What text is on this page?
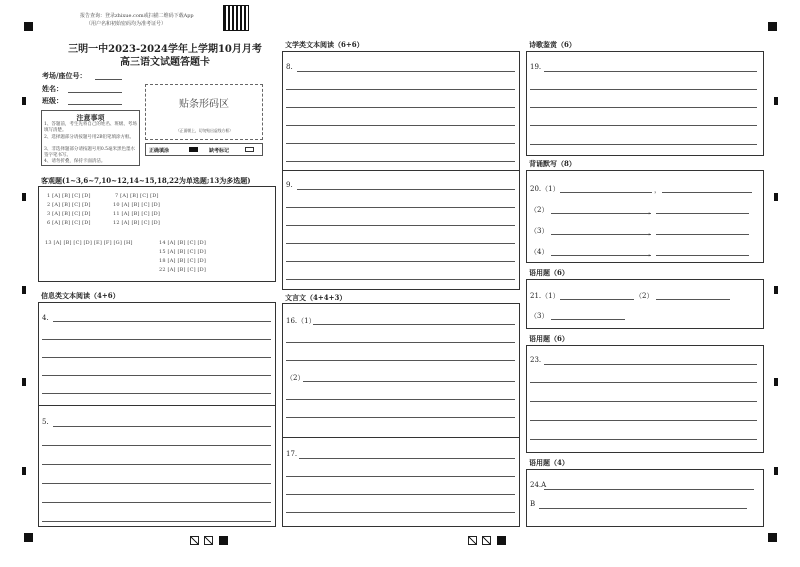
报告查询：登录zhixue.com或扫描二维码下载App
（用户名和初始密码均为准考证号）
三明一中2023-2024学年上学期10月月考
高三语文试题答题卡
考场/座位号：
姓名：
班级：
注意事项
1、答题前，考生先将自己的姓名、班级、考场填写清楚。
2、选择题部分请按题号用2B铅笔填涂方框。
3、非选择题部分请按题号用0.5毫米黑色墨水签字笔书写。
4、请勿折叠，保持卡面清洁。
贴条形码区
（正面朝上，切勿贴出虚线方框）
正确填涂	缺考标记
客观题(1~3,6~7,10~12,14~15,18,22为单选题;13为多选题)
1 [A] [B] [C] [D]
2 [A] [B] [C] [D]
3 [A] [B] [C] [D]
6 [A] [B] [C] [D]
7 [A] [B] [C] [D]
10 [A] [B] [C] [D]
11 [A] [B] [C] [D]
12 [A] [B] [C] [D]
13 [A] [B] [C] [D] [E] [F] [G] [H]	14 [A] [B] [C] [D]
15 [A] [B] [C] [D]
18 [A] [B] [C] [D]
22 [A] [B] [C] [D]
信息类文本阅读（4+6）
4.
5.
文学类文本阅读（6+6）
8.
9.
文言文（4+4+3）
16.（1）
（2）
17.
诗歌鉴赏（6）
19.
背诵默写（8）
20.（1）	，
（2）	，
（3）	，
（4）	，
语用题（6）
21.（1）	（2）
（3）
语用题（6）
23.
语用题（4）
24.A
B
